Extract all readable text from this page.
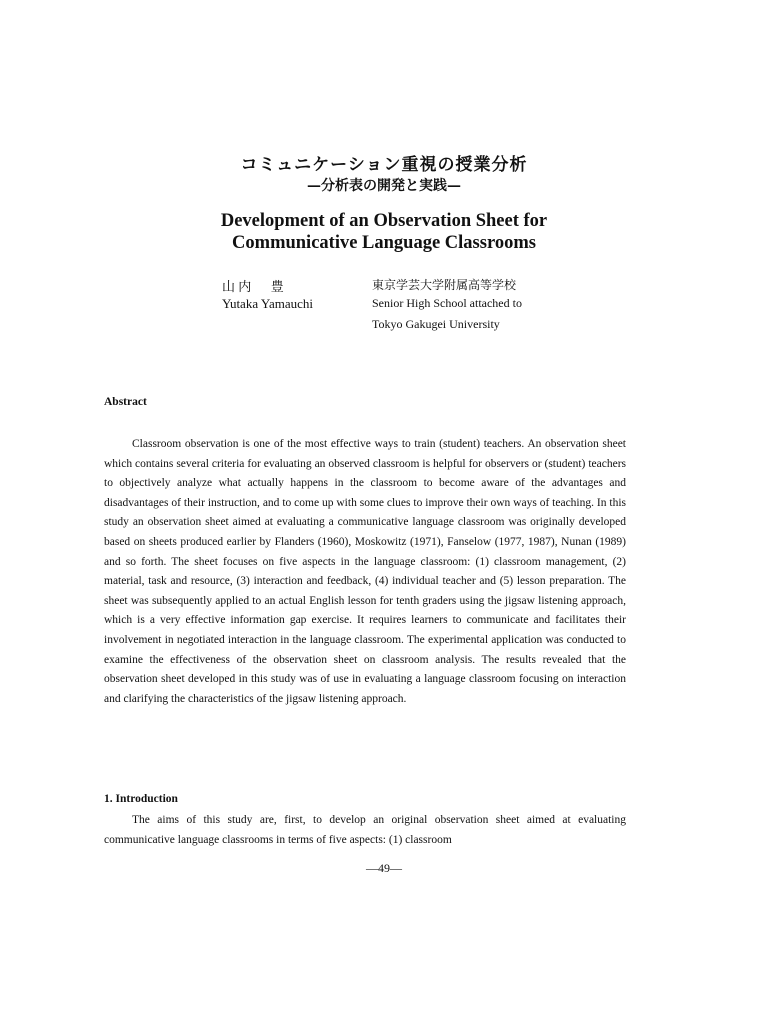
コミュニケーション重視の授業分析
—分析表の開発と実践—
Development of an Observation Sheet for
Communicative Language Classrooms
山 内 　 豊
Yutaka Yamauchi
東京学芸大学附属高等学校
Senior High School attached to
Tokyo Gakugei University
Abstract

Classroom observation is one of the most effective ways to train (student) teachers. An observation sheet which contains several criteria for evaluating an observed classroom is helpful for observers or (student) teachers to objectively analyze what actually happens in the classroom to become aware of the advantages and disadvantages of their instruction, and to come up with some clues to improve their own ways of teaching. In this study an observation sheet aimed at evaluating a communicative language classroom was originally developed based on sheets produced earlier by Flanders (1960), Moskowitz (1971), Fanselow (1977, 1987), Nunan (1989) and so forth. The sheet focuses on five aspects in the language classroom: (1) classroom management, (2) material, task and resource, (3) interaction and feedback, (4) individual teacher and (5) lesson preparation. The sheet was subsequently applied to an actual English lesson for tenth graders using the jigsaw listening approach, which is a very effective information gap exercise. It requires learners to communicate and facilitates their involvement in negotiated interaction in the language classroom. The experimental application was conducted to examine the effectiveness of the observation sheet on classroom analysis. The results revealed that the observation sheet developed in this study was of use in evaluating a language classroom focusing on interaction and clarifying the characteristics of the jigsaw listening approach.

1. Introduction

The aims of this study are, first, to develop an original observation sheet aimed at evaluating communicative language classrooms in terms of five aspects: (1) classroom

—49—
